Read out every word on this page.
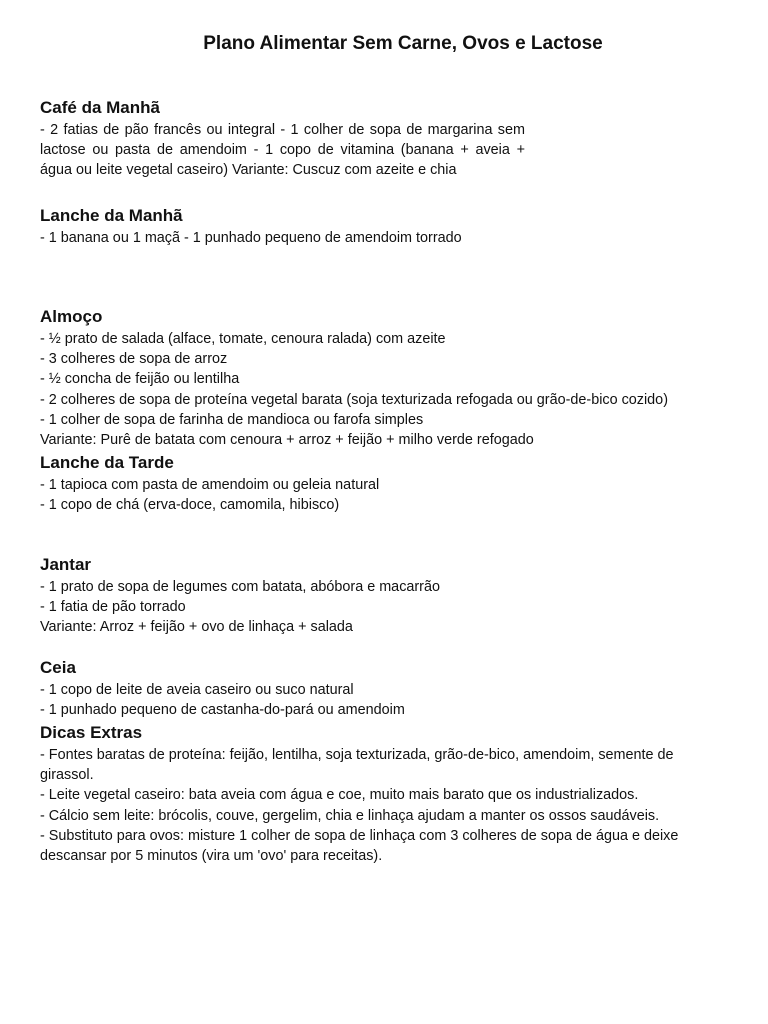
Plano Alimentar Sem Carne, Ovos e Lactose
Café da Manhã

- 2 fatias de pão francês ou integral - 1 colher de sopa de margarina sem lactose ou pasta de amendoim - 1 copo de vitamina (banana + aveia + água ou leite vegetal caseiro) Variante: Cuscuz com azeite e chia

Lanche da Manhã

- 1 banana ou 1 maçã - 1 punhado pequeno de amendoim torrado

Almoço

- ½ prato de salada (alface, tomate, cenoura ralada) com azeite

- 3 colheres de sopa de arroz

- ½ concha de feijão ou lentilha

- 2 colheres de sopa de proteína vegetal barata (soja texturizada refogada ou grão-de-bico cozido)

- 1 colher de sopa de farinha de mandioca ou farofa simples

Variante: Purê de batata com cenoura + arroz + feijão + milho verde refogado

Lanche da Tarde

- 1 tapioca com pasta de amendoim ou geleia natural

- 1 copo de chá (erva-doce, camomila, hibisco)

Jantar

- 1 prato de sopa de legumes com batata, abóbora e macarrão

- 1 fatia de pão torrado

Variante: Arroz + feijão + ovo de linhaça + salada

Ceia

- 1 copo de leite de aveia caseiro ou suco natural

- 1 punhado pequeno de castanha-do-pará ou amendoim

Dicas Extras

- Fontes baratas de proteína: feijão, lentilha, soja texturizada, grão-de-bico, amendoim, semente de girassol.

- Leite vegetal caseiro: bata aveia com água e coe, muito mais barato que os industrializados.

- Cálcio sem leite: brócolis, couve, gergelim, chia e linhaça ajudam a manter os ossos saudáveis.

- Substituto para ovos: misture 1 colher de sopa de linhaça com 3 colheres de sopa de água e deixe descansar por 5 minutos (vira um 'ovo' para receitas).
